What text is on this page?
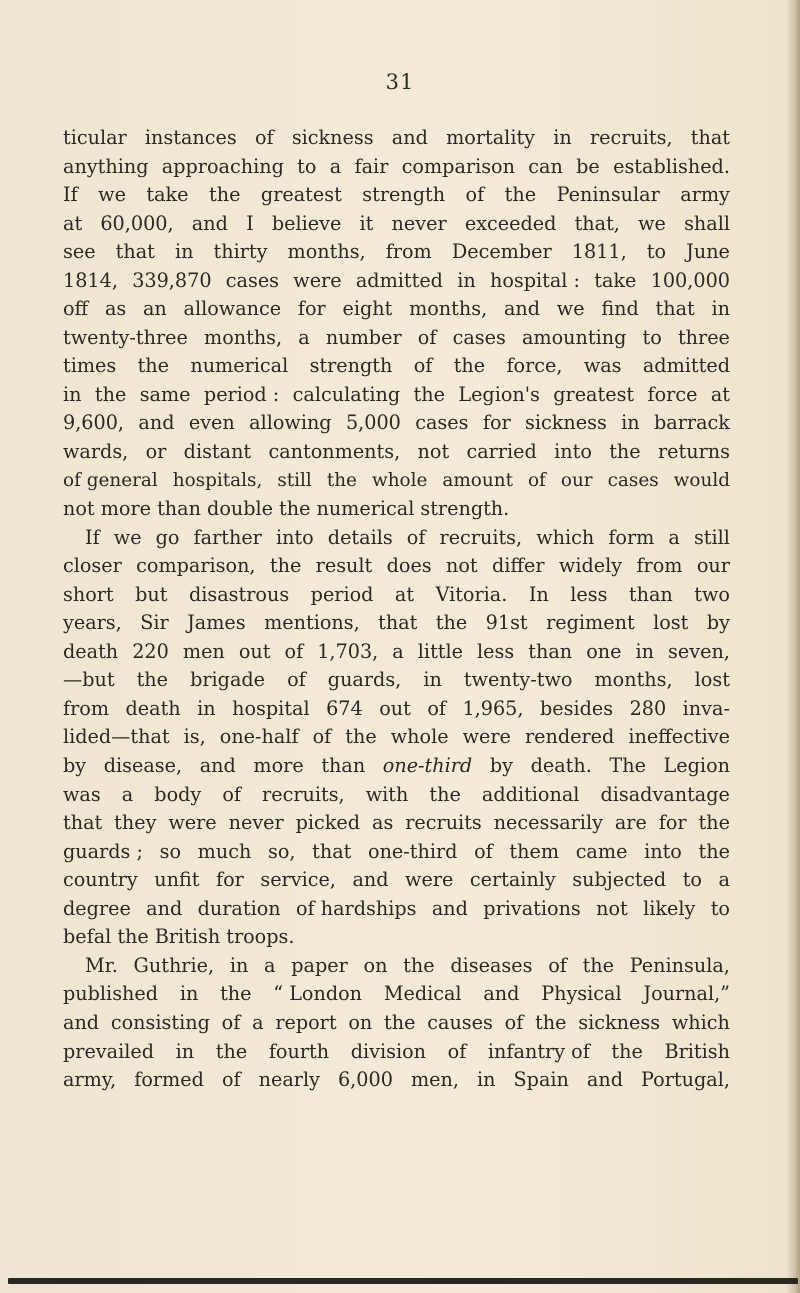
31
ticular instances of sickness and mortality in recruits, that
anything approaching to a fair comparison can be established.
If we take the greatest strength of the Peninsular army
at 60,000, and I believe it never exceeded that, we shall
see that in thirty months, from December 1811, to June
1814, 339,870 cases were admitted in hospital : take 100,000
off as an allowance for eight months, and we find that in
twenty-three months, a number of cases amounting to three
times the numerical strength of the force, was admitted
in the same period : calculating the Legion's greatest force at
9,600, and even allowing 5,000 cases for sickness in barrack
wards, or distant cantonments, not carried into the returns
of general hospitals, still the whole amount of our cases would
not more than double the numerical strength.
If we go farther into details of recruits, which form a still
closer comparison, the result does not differ widely from our
short but disastrous period at Vitoria. In less than two
years, Sir James mentions, that the 91st regiment lost by
death 220 men out of 1,703, a little less than one in seven,
—but the brigade of guards, in twenty-two months, lost
from death in hospital 674 out of 1,965, besides 280 inva-
lided—that is, one-half of the whole were rendered ineffective
by disease, and more than one-third by death. The Legion
was a body of recruits, with the additional disadvantage
that they were never picked as recruits necessarily are for the
guards ; so much so, that one-third of them came into the
country unfit for service, and were certainly subjected to a
degree and duration of hardships and privations not likely to
befal the British troops.
Mr. Guthrie, in a paper on the diseases of the Peninsula,
published in the “ London Medical and Physical Journal,”
and consisting of a report on the causes of the sickness which
prevailed in the fourth division of infantry of the British
army, formed of nearly 6,000 men, in Spain and Portugal,
